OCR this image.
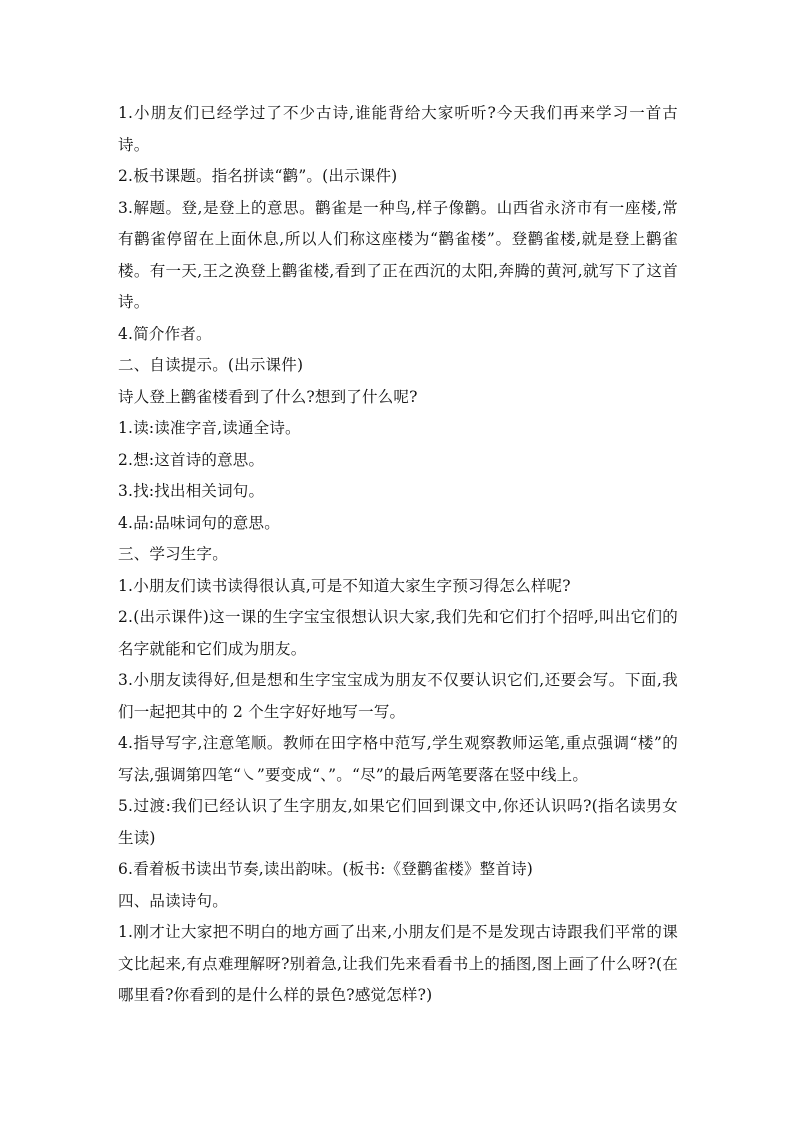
1.小朋友们已经学过了不少古诗,谁能背给大家听听?今天我们再来学习一首古诗。

2.板书课题。指名拼读“鹳”。(出示课件)

3.解题。登,是登上的意思。鹳雀是一种鸟,样子像鹳。山西省永济市有一座楼,常有鹳雀停留在上面休息,所以人们称这座楼为“鹳雀楼”。登鹳雀楼,就是登上鹳雀楼。有一天,王之涣登上鹳雀楼,看到了正在西沉的太阳,奔腾的黄河,就写下了这首诗。

4.简介作者。

二、自读提示。(出示课件)

诗人登上鹳雀楼看到了什么?想到了什么呢?

1.读:读准字音,读通全诗。

2.想:这首诗的意思。

3.找:找出相关词句。

4.品:品味词句的意思。

三、学习生字。

1.小朋友们读书读得很认真,可是不知道大家生字预习得怎么样呢?

2.(出示课件)这一课的生字宝宝很想认识大家,我们先和它们打个招呼,叫出它们的名字就能和它们成为朋友。

3.小朋友读得好,但是想和生字宝宝成为朋友不仅要认识它们,还要会写。下面,我们一起把其中的 2 个生字好好地写一写。

4.指导写字,注意笔顺。教师在田字格中范写,学生观察教师运笔,重点强调“楼”的写法,强调第四笔“㇏”要变成“、”。“尽”的最后两笔要落在竖中线上。

5.过渡:我们已经认识了生字朋友,如果它们回到课文中,你还认识吗?(指名读男女生读)

6.看着板书读出节奏,读出韵味。(板书:《登鹳雀楼》整首诗)

四、品读诗句。

1.刚才让大家把不明白的地方画了出来,小朋友们是不是发现古诗跟我们平常的课文比起来,有点难理解呀?别着急,让我们先来看看书上的插图,图上画了什么呀?(在哪里看?你看到的是什么样的景色?感觉怎样?)
